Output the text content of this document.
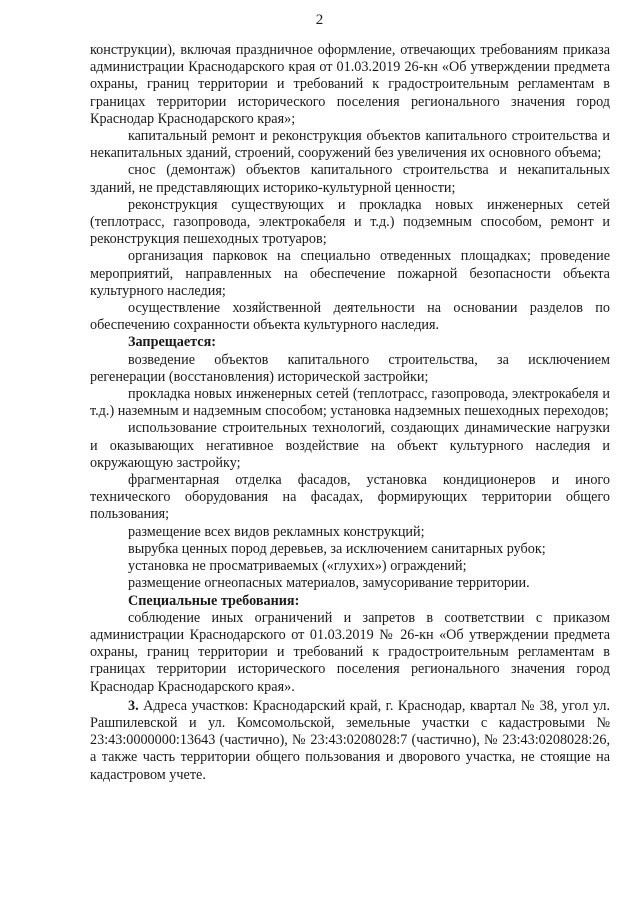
2

конструкции), включая праздничное оформление, отвечающих требованиям приказа администрации Краснодарского края от 01.03.2019 26-кн «Об утверждении предмета охраны, границ территории и требований к градостроительным регламентам в границах территории исторического поселения регионального значения город Краснодар Краснодарского края»;

капитальный ремонт и реконструкция объектов капитального строительства и некапитальных зданий, строений, сооружений без увеличения их основного объема;

снос (демонтаж) объектов капитального строительства и некапитальных зданий, не представляющих историко-культурной ценности;

реконструкция существующих и прокладка новых инженерных сетей (теплотрасс, газопровода, электрокабеля и т.д.) подземным способом, ремонт и реконструкция пешеходных тротуаров;

организация парковок на специально отведенных площадках; проведение мероприятий, направленных на обеспечение пожарной безопасности объекта культурного наследия;

осуществление хозяйственной деятельности на основании разделов по обеспечению сохранности объекта культурного наследия.

Запрещается:

возведение объектов капитального строительства, за исключением регенерации (восстановления) исторической застройки;

прокладка новых инженерных сетей (теплотрасс, газопровода, электрокабеля и т.д.) наземным и надземным способом; установка надземных пешеходных переходов;

использование строительных технологий, создающих динамические нагрузки и оказывающих негативное воздействие на объект культурного наследия и окружающую застройку;

фрагментарная отделка фасадов, установка кондиционеров и иного технического оборудования на фасадах, формирующих территории общего пользования;

размещение всех видов рекламных конструкций;

вырубка ценных пород деревьев, за исключением санитарных рубок;

установка не просматриваемых («глухих») ограждений;

размещение огнеопасных материалов, замусоривание территории.

Специальные требования:

соблюдение иных ограничений и запретов в соответствии с приказом администрации Краснодарского от 01.03.2019 № 26-кн «Об утверждении предмета охраны, границ территории и требований к градостроительным регламентам в границах территории исторического поселения регионального значения город Краснодар Краснодарского края».

3. Адреса участков: Краснодарский край, г. Краснодар, квартал № 38, угол ул. Рашпилевской и ул. Комсомольской, земельные участки с кадастровыми № 23:43:0000000:13643 (частично), № 23:43:0208028:7 (частично), № 23:43:0208028:26, а также часть территории общего пользования и дворового участка, не стоящие на кадастровом учете.
